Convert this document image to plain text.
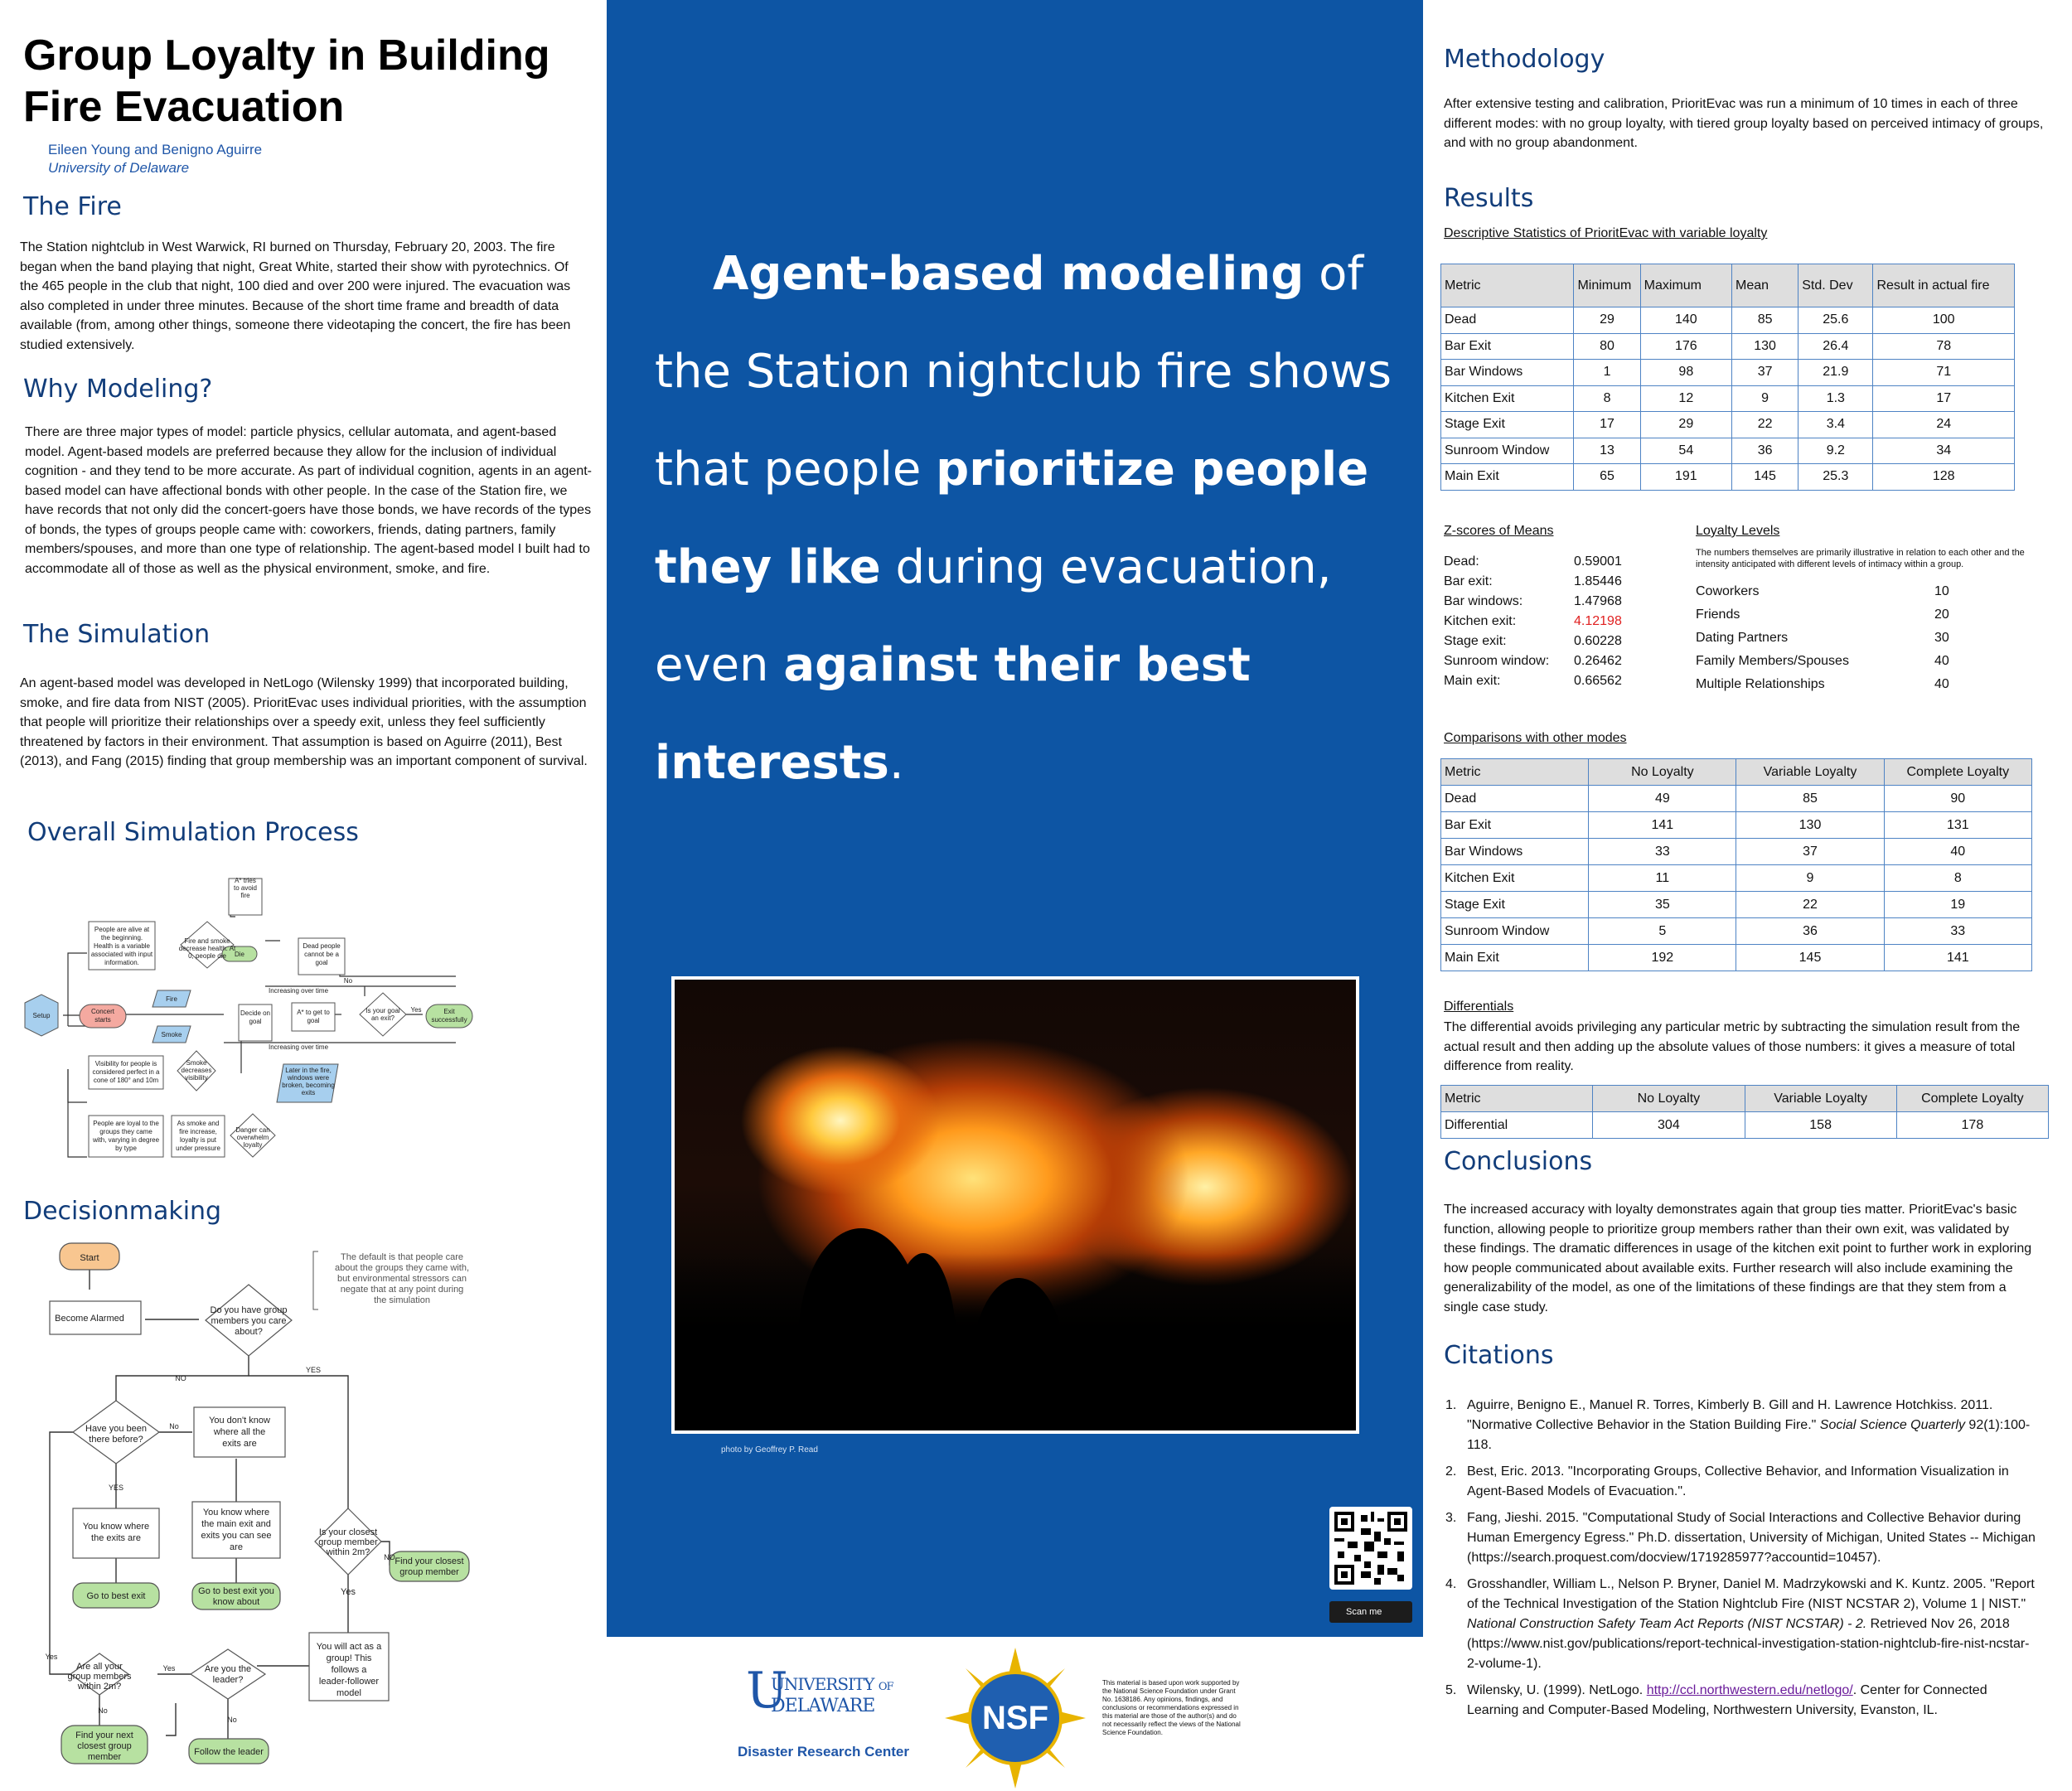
Group Loyalty in Building Fire Evacuation
Eileen Young and Benigno Aguirre
University of Delaware
The Fire
The Station nightclub in West Warwick, RI burned on Thursday, February 20, 2003. The fire began when the band playing that night, Great White, started their show with pyrotechnics. Of the 465 people in the club that night, 100 died and over 200 were injured. The evacuation was also completed in under three minutes. Because of the short time frame and breadth of data available (from, among other things, someone there videotaping the concert, the fire has been studied extensively.
Why Modeling?
There are three major types of model: particle physics, cellular automata, and agent-based model. Agent-based models are preferred because they allow for the inclusion of individual cognition - and they tend to be more accurate. As part of individual cognition, agents in an agent-based model can have affectional bonds with other people. In the case of the Station fire, we have records that not only did the concert-goers have those bonds, we have records of the types of bonds, the types of groups people came with: coworkers, friends, dating partners, family members/spouses, and more than one type of relationship. The agent-based model I built had to accommodate all of those as well as the physical environment, smoke, and fire.
The Simulation
An agent-based model was developed in NetLogo (Wilensky 1999) that incorporated building, smoke, and fire data from NIST (2005). PrioritEvac uses individual priorities, with the assumption that people will prioritize their relationships over a speedy exit, unless they feel sufficiently threatened by factors in their environment. That assumption is based on Aguirre (2011), Best (2013), and Fang (2015) finding that group membership was an important component of survival.
Overall Simulation Process
A* tries
to avoid
fire
People are alive at
the beginning.
Health is a variable
associated with input
information.
Fire and smoke
decrease health. At
0, people die Die
Dead people
cannot be a
goal
No
Increasing over time
Setup
Concert
starts
Fire
Smoke
Decide on
goal
A* to get to
goal
Is your goal
an exit?
Yes	Exit
successfully
Increasing over time
Visibility for people is
considered perfect in a
cone of 180° and 10m
Smoke
decreases
visibility
Later in the fire,
windows were
broken, becoming
exits
People are loyal to the
groups they came
with, varying in degree
by type
As smoke and
fire increase,
loyalty is put
under pressure
Danger can
overwhelm
loyalty
Decisionmaking
Start
Become Alarmed
Do you have group
members you care
about?
The default is that people care
about the groups they came with,
but environmental stressors can
negate that at any point during
the simulation
NO
YES
Have you been
there before?
No
You don't know
where all the
exits are
YES
You know where
the exits are
You know where
the main exit and
exits you can see
are
Is your closest
group member
within 2m? NO Find your closest
group member
Go to best exit	Go to best exit you
know about
Yes
You will act as a
group! This
follows a
leader-follower
model
Yes
Are all your
group members
within 2m?
Yes	Are you the
leader?
No
No
Find your next
closest group
member	Follow the leader
Agent-based modeling of the Station nightclub fire shows that people prioritize people they like during evacuation, even against their best interests.
photo by Geoffrey P. Read
Scan me
U
UNIVERSITY OF
DELAWARE
Disaster Research Center
NSF
This material is based upon work supported by the National Science Foundation under Grant No. 1638186. Any opinions, findings, and conclusions or recommendations expressed in this material are those of the author(s) and do not necessarily reflect the views of the National Science Foundation.
Methodology
After extensive testing and calibration, PrioritEvac was run a minimum of 10 times in each of three different modes: with no group loyalty, with tiered group loyalty based on perceived intimacy of groups, and with no group abandonment.
Results
Descriptive Statistics of PrioritEvac with variable loyalty
Metric	Minimum	Maximum	Mean	Std. Dev	Result in actual fire
Dead	29	140	85	25.6	100
Bar Exit	80	176	130	26.4	78
Bar Windows	1	98	37	21.9	71
Kitchen Exit	8	12	9	1.3	17
Stage Exit	17	29	22	3.4	24
Sunroom Window	13	54	36	9.2	34
Main Exit	65	191	145	25.3	128
Z-scores of Means
Dead:	0.59001
Bar exit:	1.85446
Bar windows:	1.47968
Kitchen exit:	4.12198
Stage exit:	0.60228
Sunroom window:	0.26462
Main exit:	0.66562
Loyalty Levels
The numbers themselves are primarily illustrative in relation to each other and the intensity anticipated with different levels of intimacy within a group.
Coworkers	10
Friends	20
Dating Partners	30
Family Members/Spouses	40
Multiple Relationships	40
Comparisons with other modes
Metric	No Loyalty	Variable Loyalty	Complete Loyalty
Dead	49	85	90
Bar Exit	141	130	131
Bar Windows	33	37	40
Kitchen Exit	11	9	8
Stage Exit	35	22	19
Sunroom Window	5	36	33
Main Exit	192	145	141
Differentials
The differential avoids privileging any particular metric by subtracting the simulation result from the actual result and then adding up the absolute values of those numbers: it gives a measure of total difference from reality.
Metric	No Loyalty	Variable Loyalty	Complete Loyalty
Differential	304	158	178
Conclusions
The increased accuracy with loyalty demonstrates again that group ties matter. PrioritEvac's basic function, allowing people to prioritize group members rather than their own exit, was validated by these findings. The dramatic differences in usage of the kitchen exit point to further work in exploring how people communicated about available exits. Further research will also include examining the generalizability of the model, as one of the limitations of these findings are that they stem from a single case study.
Citations
1. Aguirre, Benigno E., Manuel R. Torres, Kimberly B. Gill and H. Lawrence Hotchkiss. 2011. "Normative Collective Behavior in the Station Building Fire." Social Science Quarterly 92(1):100-118.
2. Best, Eric. 2013. "Incorporating Groups, Collective Behavior, and Information Visualization in Agent-Based Models of Evacuation.".
3. Fang, Jieshi. 2015. "Computational Study of Social Interactions and Collective Behavior during Human Emergency Egress." Ph.D. dissertation, University of Michigan, United States -- Michigan (https://search.proquest.com/docview/1719285977?accountid=10457).
4. Grosshandler, William L., Nelson P. Bryner, Daniel M. Madrzykowski and K. Kuntz. 2005. "Report of the Technical Investigation of the Station Nightclub Fire (NIST NCSTAR 2), Volume 1 | NIST." National Construction Safety Team Act Reports (NIST NCSTAR) - 2. Retrieved Nov 26, 2018 (https://www.nist.gov/publications/report-technical-investigation-station-nightclub-fire-nist-ncstar-2-volume-1).
5. Wilensky, U. (1999). NetLogo. http://ccl.northwestern.edu/netlogo/. Center for Connected Learning and Computer-Based Modeling, Northwestern University, Evanston, IL.
